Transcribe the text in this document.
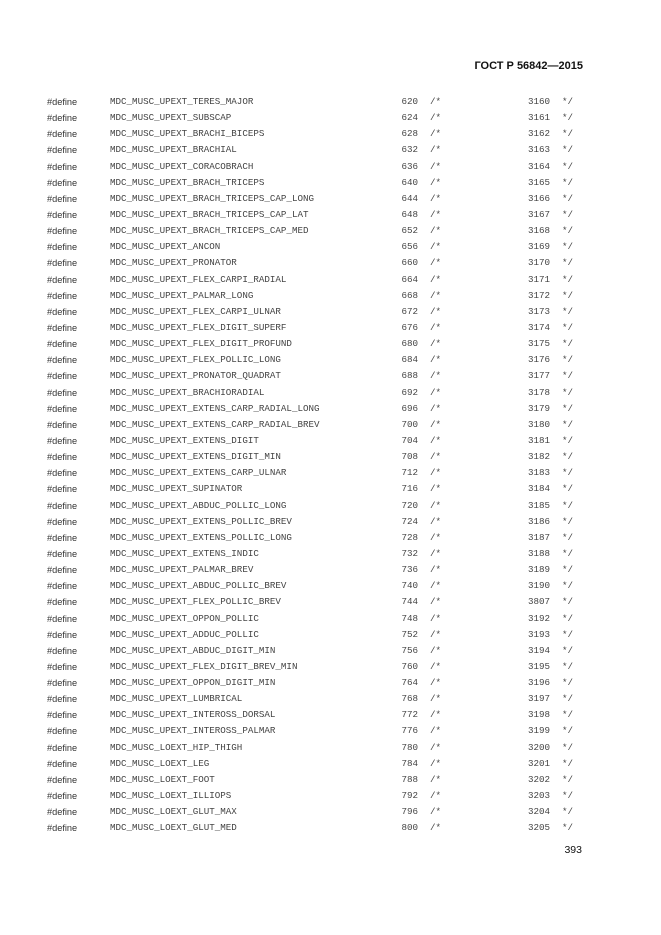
ГОСТ Р 56842—2015
#define	MDC_MUSC_UPEXT_TERES_MAJOR	620 /*	3160 */
#define	MDC_MUSC_UPEXT_SUBSCAP	624 /*	3161 */
#define	MDC_MUSC_UPEXT_BRACHI_BICEPS	628 /*	3162 */
#define	MDC_MUSC_UPEXT_BRACHIAL	632 /*	3163 */
#define	MDC_MUSC_UPEXT_CORACOBRACH	636 /*	3164 */
#define	MDC_MUSC_UPEXT_BRACH_TRICEPS	640 /*	3165 */
#define	MDC_MUSC_UPEXT_BRACH_TRICEPS_CAP_LONG	644 /*	3166 */
#define	MDC_MUSC_UPEXT_BRACH_TRICEPS_CAP_LAT	648 /*	3167 */
#define	MDC_MUSC_UPEXT_BRACH_TRICEPS_CAP_MED	652 /*	3168 */
#define	MDC_MUSC_UPEXT_ANCON	656 /*	3169 */
#define	MDC_MUSC_UPEXT_PRONATOR	660 /*	3170 */
#define	MDC_MUSC_UPEXT_FLEX_CARPI_RADIAL	664 /*	3171 */
#define	MDC_MUSC_UPEXT_PALMAR_LONG	668 /*	3172 */
#define	MDC_MUSC_UPEXT_FLEX_CARPI_ULNAR	672 /*	3173 */
#define	MDC_MUSC_UPEXT_FLEX_DIGIT_SUPERF	676 /*	3174 */
#define	MDC_MUSC_UPEXT_FLEX_DIGIT_PROFUND	680 /*	3175 */
#define	MDC_MUSC_UPEXT_FLEX_POLLIC_LONG	684 /*	3176 */
#define	MDC_MUSC_UPEXT_PRONATOR_QUADRAT	688 /*	3177 */
#define	MDC_MUSC_UPEXT_BRACHIORADIAL	692 /*	3178 */
#define	MDC_MUSC_UPEXT_EXTENS_CARP_RADIAL_LONG	696 /*	3179 */
#define	MDC_MUSC_UPEXT_EXTENS_CARP_RADIAL_BREV	700 /*	3180 */
#define	MDC_MUSC_UPEXT_EXTENS_DIGIT	704 /*	3181 */
#define	MDC_MUSC_UPEXT_EXTENS_DIGIT_MIN	708 /*	3182 */
#define	MDC_MUSC_UPEXT_EXTENS_CARP_ULNAR	712 /*	3183 */
#define	MDC_MUSC_UPEXT_SUPINATOR	716 /*	3184 */
#define	MDC_MUSC_UPEXT_ABDUC_POLLIC_LONG	720 /*	3185 */
#define	MDC_MUSC_UPEXT_EXTENS_POLLIC_BREV	724 /*	3186 */
#define	MDC_MUSC_UPEXT_EXTENS_POLLIC_LONG	728 /*	3187 */
#define	MDC_MUSC_UPEXT_EXTENS_INDIC	732 /*	3188 */
#define	MDC_MUSC_UPEXT_PALMAR_BREV	736 /*	3189 */
#define	MDC_MUSC_UPEXT_ABDUC_POLLIC_BREV	740 /*	3190 */
#define	MDC_MUSC_UPEXT_FLEX_POLLIC_BREV	744 /*	3807 */
#define	MDC_MUSC_UPEXT_OPPON_POLLIC	748 /*	3192 */
#define	MDC_MUSC_UPEXT_ADDUC_POLLIC	752 /*	3193 */
#define	MDC_MUSC_UPEXT_ABDUC_DIGIT_MIN	756 /*	3194 */
#define	MDC_MUSC_UPEXT_FLEX_DIGIT_BREV_MIN	760 /*	3195 */
#define	MDC_MUSC_UPEXT_OPPON_DIGIT_MIN	764 /*	3196 */
#define	MDC_MUSC_UPEXT_LUMBRICAL	768 /*	3197 */
#define	MDC_MUSC_UPEXT_INTEROSS_DORSAL	772 /*	3198 */
#define	MDC_MUSC_UPEXT_INTEROSS_PALMAR	776 /*	3199 */
#define	MDC_MUSC_LOEXT_HIP_THIGH	780 /*	3200 */
#define	MDC_MUSC_LOEXT_LEG	784 /*	3201 */
#define	MDC_MUSC_LOEXT_FOOT	788 /*	3202 */
#define	MDC_MUSC_LOEXT_ILLIOPS	792 /*	3203 */
#define	MDC_MUSC_LOEXT_GLUT_MAX	796 /*	3204 */
#define	MDC_MUSC_LOEXT_GLUT_MED	800 /*	3205 */
393
